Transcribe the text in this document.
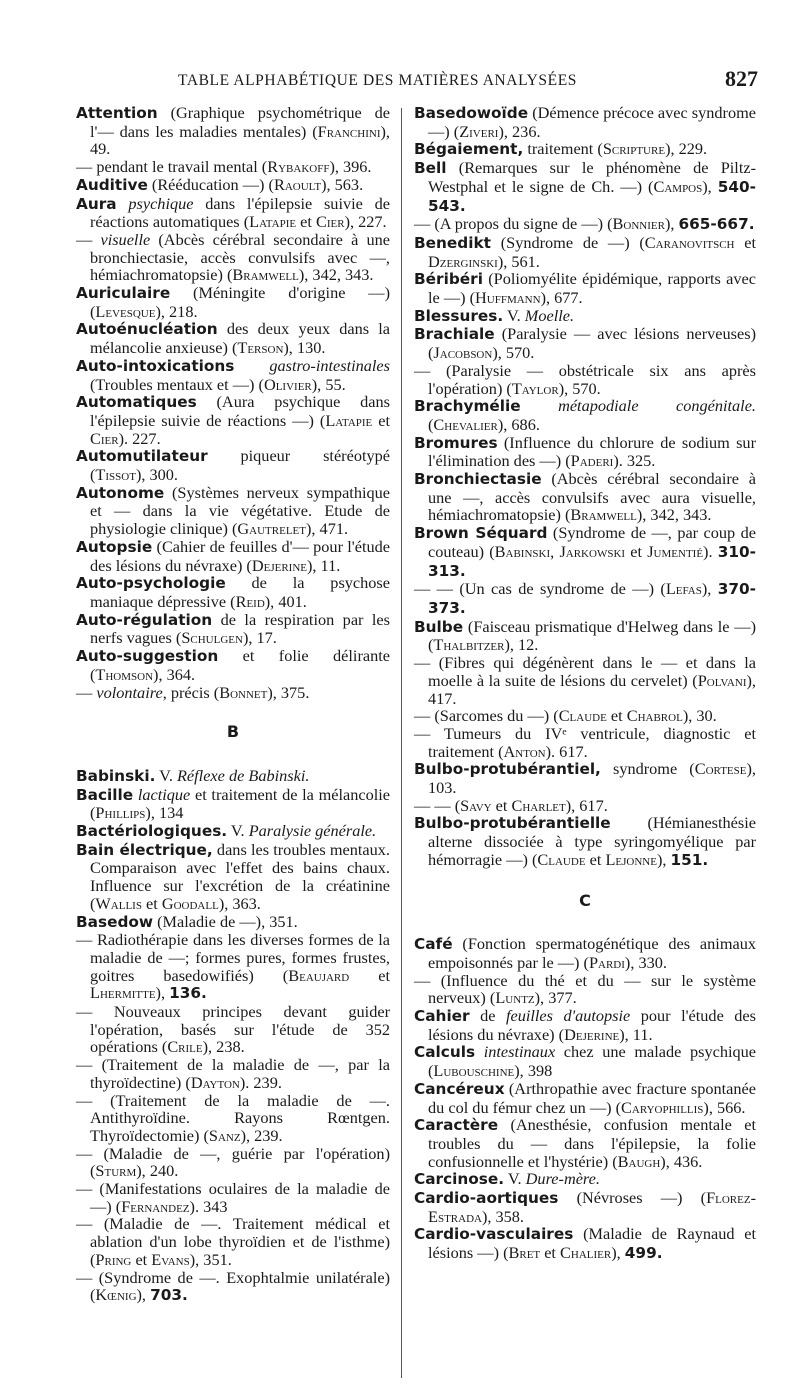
TABLE ALPHABÉTIQUE DES MATIÈRES ANALYSÉES	827

Attention (Graphique psychométrique de l'— dans les maladies mentales) (Franchini), 49.

— pendant le travail mental (Rybakoff), 396.

Auditive (Rééducation —) (Raoult), 563.

Aura psychique dans l'épilepsie suivie de réactions automatiques (Latapie et Cier), 227.

— visuelle (Abcès cérébral secondaire à une bronchiectasie, accès convulsifs avec —, hémiachromatopsie) (Bramwell), 342, 343.

Auriculaire (Méningite d'origine —) (Levesque), 218.

Autoénucléation des deux yeux dans la mélancolie anxieuse) (Terson), 130.

Auto-intoxications gastro-intestinales (Troubles mentaux et —) (Olivier), 55.

Automatiques (Aura psychique dans l'épilepsie suivie de réactions —) (Latapie et Cier). 227.

Automutilateur piqueur stéréotypé (Tissot), 300.

Autonome (Systèmes nerveux sympathique et — dans la vie végétative. Etude de physiologie clinique) (Gautrelet), 471.

Autopsie (Cahier de feuilles d'— pour l'étude des lésions du névraxe) (Dejerine), 11.

Auto-psychologie de la psychose maniaque dépressive (Reid), 401.

Auto-régulation de la respiration par les nerfs vagues (Schulgen), 17.

Auto-suggestion et folie délirante (Thomson), 364.

— volontaire, précis (Bonnet), 375.

B

Babinski. V. Réflexe de Babinski.

Bacille lactique et traitement de la mélancolie (Phillips), 134

Bactériologiques. V. Paralysie générale.

Bain électrique, dans les troubles mentaux. Comparaison avec l'effet des bains chaux. Influence sur l'excrétion de la créatinine (Wallis et Goodall), 363.

Basedow (Maladie de —), 351.

— Radiothérapie dans les diverses formes de la maladie de —; formes pures, formes frustes, goitres basedowifiés) (Beaujard et Lhermitte), 136.

— Nouveaux principes devant guider l'opération, basés sur l'étude de 352 opérations (Crile), 238.

— (Traitement de la maladie de —, par la thyroïdectine) (Dayton). 239.

— (Traitement de la maladie de —. Antithyroïdine. Rayons Rœntgen. Thyroïdectomie) (Sanz), 239.

— (Maladie de —, guérie par l'opération) (Sturm), 240.

— (Manifestations oculaires de la maladie de —) (Fernandez). 343

— (Maladie de —. Traitement médical et ablation d'un lobe thyroïdien et de l'isthme) (Pring et Evans), 351.

— (Syndrome de —. Exophtalmie unilatérale) (Kœnig), 703.

Basedowoïde (Démence précoce avec syndrome —) (Ziveri), 236.

Bégaiement, traitement (Scripture), 229.

Bell (Remarques sur le phénomène de Piltz-Westphal et le signe de Ch. —) (Campos), 540-543.

— (A propos du signe de —) (Bonnier), 665-667.

Benedikt (Syndrome de —) (Caranovitsch et Dzerginski), 561.

Béribéri (Poliomyélite épidémique, rapports avec le —) (Huffmann), 677.

Blessures. V. Moelle.

Brachiale (Paralysie — avec lésions nerveuses) (Jacobson), 570.

— (Paralysie — obstétricale six ans après l'opération) (Taylor), 570.

Brachymélie métapodiale congénitale. (Chevalier), 686.

Bromures (Influence du chlorure de sodium sur l'élimination des —) (Paderi). 325.

Bronchiectasie (Abcès cérébral secondaire à une —, accès convulsifs avec aura visuelle, hémiachromatopsie) (Bramwell), 342, 343.

Brown Séquard (Syndrome de —, par coup de couteau) (Babinski, Jarkowski et Jumentié). 310-313.

— — (Un cas de syndrome de —) (Lefas), 370-373.

Bulbe (Faisceau prismatique d'Helweg dans le —) (Thalbitzer), 12.

— (Fibres qui dégénèrent dans le — et dans la moelle à la suite de lésions du cervelet) (Polvani), 417.

— (Sarcomes du —) (Claude et Chabrol), 30.

— Tumeurs du IVᵉ ventricule, diagnostic et traitement (Anton). 617.

Bulbo-protubérantiel, syndrome (Cortese), 103.

— — (Savy et Charlet), 617.

Bulbo-protubérantielle (Hémianesthésie alterne dissociée à type syringomyélique par hémorragie —) (Claude et Lejonne), 151.

C

Café (Fonction spermatogénétique des animaux empoisonnés par le —) (Pardi), 330.

— (Influence du thé et du — sur le système nerveux) (Luntz), 377.

Cahier de feuilles d'autopsie pour l'étude des lésions du névraxe) (Dejerine), 11.

Calculs intestinaux chez une malade psychique (Lubouschine), 398

Cancéreux (Arthropathie avec fracture spontanée du col du fémur chez un —) (Caryophillis), 566.

Caractère (Anesthésie, confusion mentale et troubles du — dans l'épilepsie, la folie confusionnelle et l'hystérie) (Baugh), 436.

Carcinose. V. Dure-mère.

Cardio-aortiques (Névroses —) (Florez-Estrada), 358.

Cardio-vasculaires (Maladie de Raynaud et lésions —) (Bret et Chalier), 499.
